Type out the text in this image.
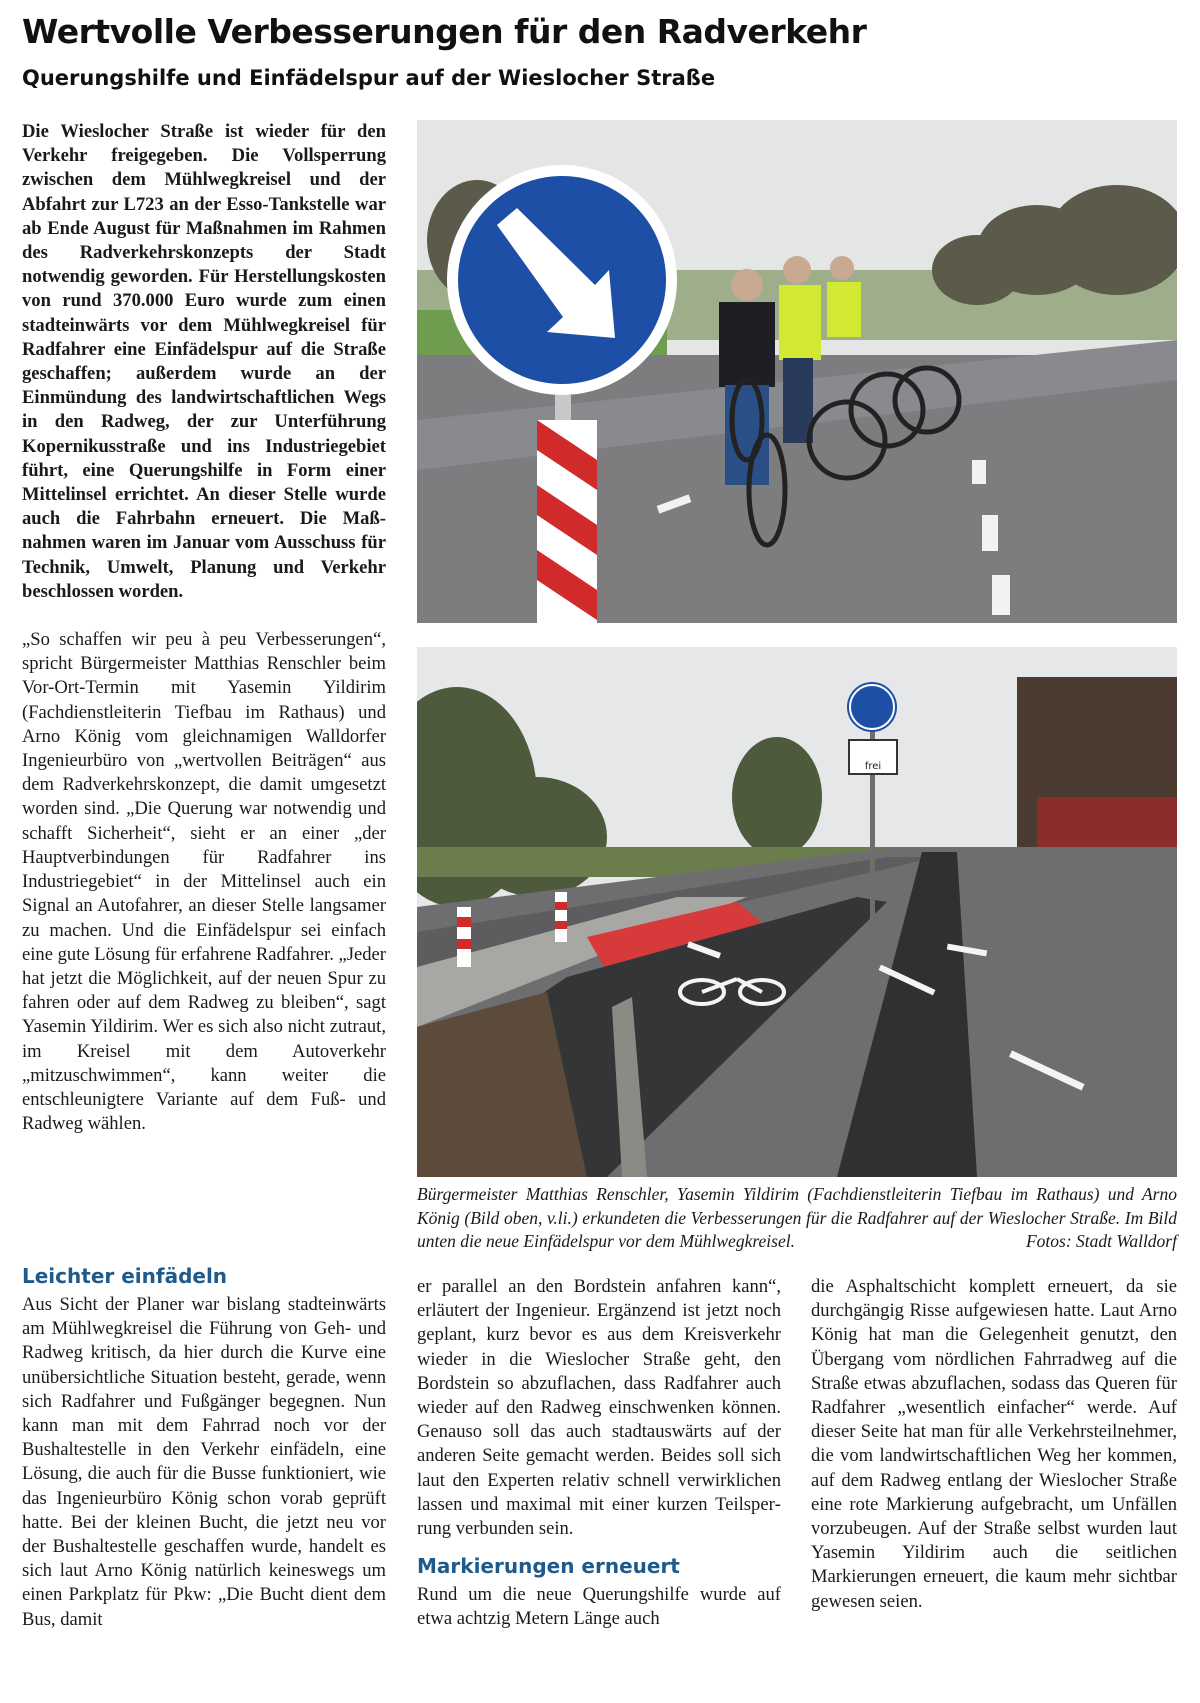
Wertvolle Verbesserungen für den Radverkehr
Querungshilfe und Einfädelspur auf der Wieslocher Straße

Die Wieslocher Straße ist wieder für den Verkehr freigegeben. Die Vollsperrung zwischen dem Mühlwegkreisel und der Abfahrt zur L723 an der Esso-Tankstelle war ab Ende August für Maßnahmen im Rahmen des Radverkehrskonzepts der Stadt notwendig geworden. Für Herstellungskosten von rund 370.000 Euro wurde zum einen stadteinwärts vor dem Mühlwegkreisel für Radfahrer eine Einfädelspur auf die Straße geschaffen; außerdem wurde an der Einmündung des landwirtschaftlichen Wegs in den Radweg, der zur Unterführung Kopernikusstraße und ins Industriegebiet führt, eine Querungshilfe in Form einer Mittelinsel errichtet. An dieser Stelle wurde auch die Fahrbahn erneuert. Die Maßnahmen waren im Januar vom Ausschuss für Technik, Umwelt, Planung und Verkehr beschlossen worden.

„So schaffen wir peu à peu Verbesserungen“, spricht Bürgermeister Matthias Renschler beim Vor-Ort-Termin mit Yasemin Yildirim (Fachdienstleiterin Tiefbau im Rathaus) und Arno König vom gleichnamigen Walldorfer Ingenieurbüro von „wertvollen Beiträgen“ aus dem Radverkehrskonzept, die damit umgesetzt worden sind. „Die Querung war notwendig und schafft Sicherheit“, sieht er an einer „der Hauptverbindungen für Radfahrer ins Industriegebiet“ in der Mittelinsel auch ein Signal an Autofahrer, an dieser Stelle langsamer zu machen. Und die Einfädelspur sei einfach eine gute Lösung für erfahrene Radfahrer. „Jeder hat jetzt die Möglichkeit, auf der neuen Spur zu fahren oder auf dem Radweg zu bleiben“, sagt Yasemin Yildirim. Wer es sich also nicht zutraut, im Kreisel mit dem Autoverkehr „mitzuschwimmen“, kann weiter die entschleunigtere Variante auf dem Fuß- und Radweg wählen.

frei
Bürgermeister Matthias Renschler, Yasemin Yildirim (Fachdienstleiterin Tiefbau im Rathaus) und Arno König (Bild oben, v.li.) erkundeten die Verbesserungen für die Radfahrer auf der Wieslocher Straße. Im Bild unten die neue Einfädelspur vor dem Mühlwegkreisel.	Fotos: Stadt Walldorf

Leichter einfädeln

Aus Sicht der Planer war bislang stadteinwärts am Mühlwegkreisel die Führung von Geh- und Radweg kritisch, da hier durch die Kurve eine unübersichtliche Situation besteht, gerade, wenn sich Radfahrer und Fußgänger begegnen. Nun kann man mit dem Fahrrad noch vor der Bushaltestelle in den Verkehr einfädeln, eine Lösung, die auch für die Busse funktioniert, wie das Ingenieurbüro König schon vorab geprüft hatte. Bei der kleinen Bucht, die jetzt neu vor der Bushaltestelle geschaffen wurde, handelt es sich laut Arno König natürlich keineswegs um einen Parkplatz für Pkw: „Die Bucht dient dem Bus, damit

er parallel an den Bordstein anfahren kann“, erläutert der Ingenieur. Ergänzend ist jetzt noch geplant, kurz bevor es aus dem Kreisverkehr wieder in die Wieslocher Straße geht, den Bordstein so abzuflachen, dass Radfahrer auch wieder auf den Radweg einschwenken können. Genauso soll das auch stadtauswärts auf der anderen Seite gemacht werden. Beides soll sich laut den Experten relativ schnell verwirklichen lassen und maximal mit einer kurzen Teilsperrung verbunden sein.

Markierungen erneuert

Rund um die neue Querungshilfe wurde auf etwa achtzig Metern Länge auch

die Asphaltschicht komplett erneuert, da sie durchgängig Risse aufgewiesen hatte. Laut Arno König hat man die Gelegenheit genutzt, den Übergang vom nördlichen Fahrradweg auf die Straße etwas abzuflachen, sodass das Queren für Radfahrer „wesentlich einfacher“ werde. Auf dieser Seite hat man für alle Verkehrsteilnehmer, die vom landwirtschaftlichen Weg her kommen, auf dem Radweg entlang der Wieslocher Straße eine rote Markierung aufgebracht, um Unfällen vorzubeugen. Auf der Straße selbst wurden laut Yasemin Yildirim auch die seitlichen Markierungen erneuert, die kaum mehr sichtbar gewesen seien.
